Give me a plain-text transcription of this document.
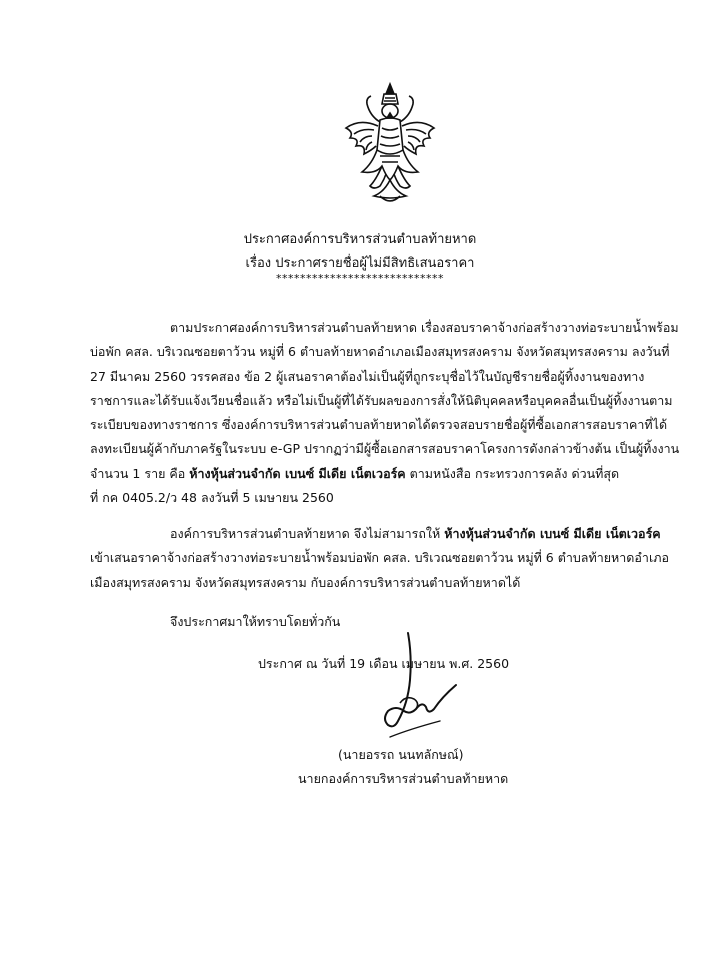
ประกาศองค์การบริหารส่วนตำบลท้ายหาด
เรื่อง ประกาศรายชื่อผู้ไม่มีสิทธิเสนอราคา
****************************
ตามประกาศองค์การบริหารส่วนตำบลท้ายหาด เรื่องสอบราคาจ้างก่อสร้างวางท่อระบายน้ำพร้อม
บ่อพัก คสล. บริเวณซอยตาว้วน หมู่ที่ 6 ตำบลท้ายหาดอำเภอเมืองสมุทรสงคราม จังหวัดสมุทรสงคราม ลงวันที่
27 มีนาคม 2560 วรรคสอง ข้อ 2 ผู้เสนอราคาต้องไม่เป็นผู้ที่ถูกระบุชื่อไว้ในบัญชีรายชื่อผู้ทิ้งงานของทาง
ราชการและได้รับแจ้งเวียนชื่อแล้ว หรือไม่เป็นผู้ที่ได้รับผลของการสั่งให้นิติบุคคลหรือบุคคลอื่นเป็นผู้ทิ้งงานตาม
ระเบียบของทางราชการ ซึ่งองค์การบริหารส่วนตำบลท้ายหาดได้ตรวจสอบรายชื่อผู้ที่ซื้อเอกสารสอบราคาที่ได้
ลงทะเบียนผู้ค้ากับภาครัฐในระบบ e-GP ปรากฏว่ามีผู้ซื้อเอกสารสอบราคาโครงการดังกล่าวข้างต้น เป็นผู้ทิ้งงาน
จำนวน 1 ราย คือ ห้างหุ้นส่วนจำกัด เบนซ์ มีเดีย เน็ตเวอร์ค ตามหนังสือ กระทรวงการคลัง ด่วนที่สุด
ที่ กค 0405.2/ว 48 ลงวันที่ 5 เมษายน 2560
องค์การบริหารส่วนตำบลท้ายหาด จึงไม่สามารถให้ ห้างหุ้นส่วนจำกัด เบนซ์ มีเดีย เน็ตเวอร์ค
เข้าเสนอราคาจ้างก่อสร้างวางท่อระบายน้ำพร้อมบ่อพัก คสล. บริเวณซอยตาว้วน หมู่ที่ 6 ตำบลท้ายหาดอำเภอ
เมืองสมุทรสงคราม จังหวัดสมุทรสงคราม กับองค์การบริหารส่วนตำบลท้ายหาดได้
จึงประกาศมาให้ทราบโดยทั่วกัน
ประกาศ ณ วันที่ 19 เดือน เมษายน พ.ศ. 2560
(นายอรรถ นนทลักษณ์)
นายกองค์การบริหารส่วนตำบลท้ายหาด
